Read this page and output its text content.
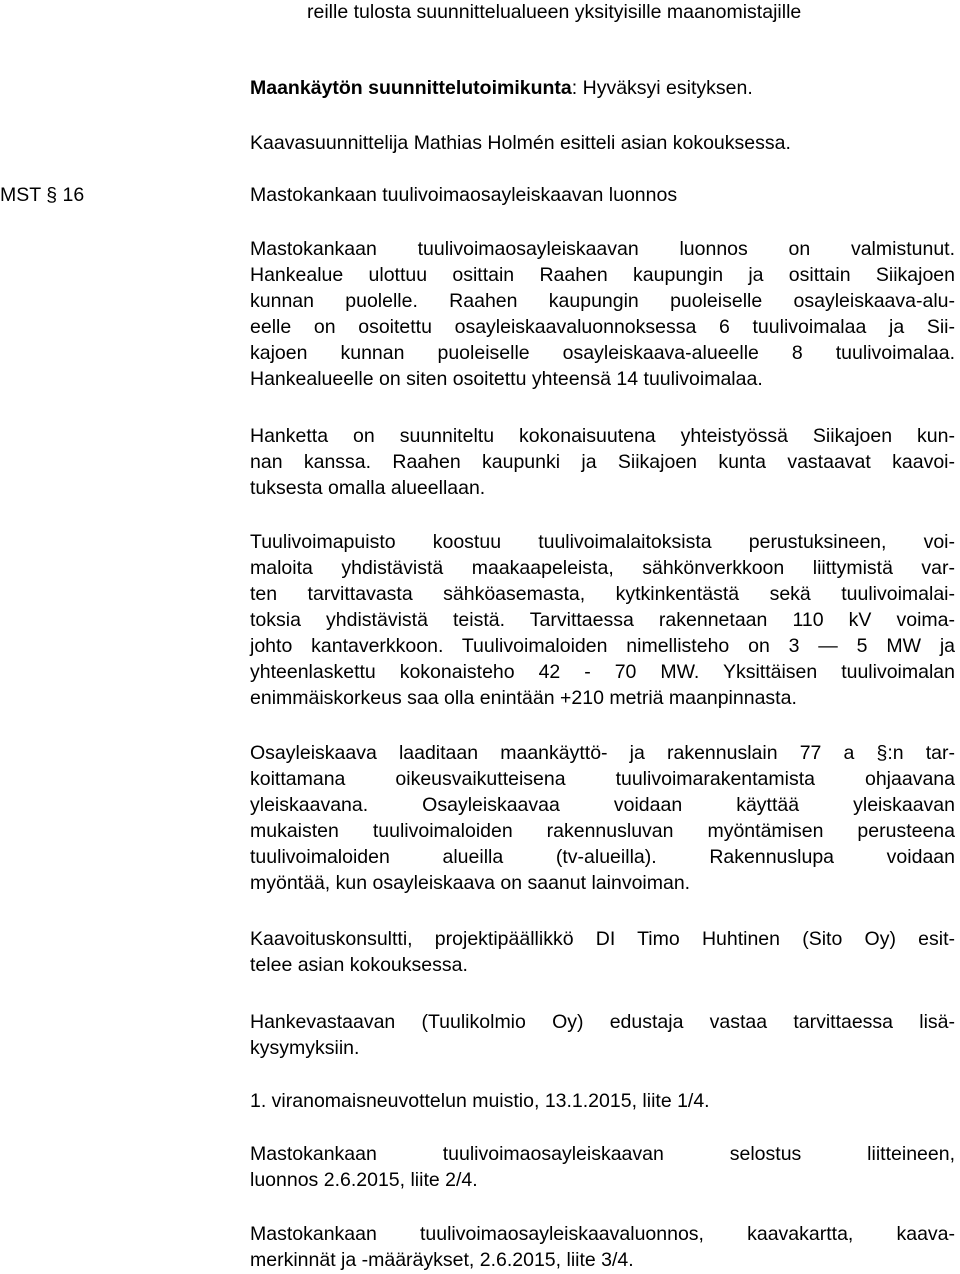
reille tulosta suunnittelualueen yksityisille maanomistajille
Maankäytön suunnittelutoimikunta: Hyväksyi esityksen.
Kaavasuunnittelija Mathias Holmén esitteli asian kokouksessa.
MST § 16	Mastokankaan tuulivoimaosayleiskaavan luonnos
Mastokankaan tuulivoimaosayleiskaavan luonnos on valmistunut.
Hankealue ulottuu osittain Raahen kaupungin ja osittain Siikajoen
kunnan puolelle. Raahen kaupungin puoleiselle osayleiskaava-alu-
eelle on osoitettu osayleiskaavaluonnoksessa 6 tuulivoimalaa ja Sii-
kajoen kunnan puoleiselle osayleiskaava-alueelle 8 tuulivoimalaa.
Hankealueelle on siten osoitettu yhteensä 14 tuulivoimalaa.
Hanketta on suunniteltu kokonaisuutena yhteistyössä Siikajoen kun-
nan kanssa. Raahen kaupunki ja Siikajoen kunta vastaavat kaavoi-
tuksesta omalla alueellaan.
Tuulivoimapuisto koostuu tuulivoimalaitoksista perustuksineen, voi-
maloita yhdistävistä maakaapeleista, sähkönverkkoon liittymistä var-
ten tarvittavasta sähköasemasta, kytkinkentästä sekä tuulivoimalai-
toksia yhdistävistä teistä. Tarvittaessa rakennetaan 110 kV voima-
johto kantaverkkoon. Tuulivoimaloiden nimellisteho on 3 — 5 MW ja
yhteenlaskettu kokonaisteho 42 - 70 MW. Yksittäisen tuulivoimalan
enimmäiskorkeus saa olla enintään +210 metriä maanpinnasta.
Osayleiskaava laaditaan maankäyttö- ja rakennuslain 77 a §:n tar-
koittamana oikeusvaikutteisena tuulivoimarakentamista ohjaavana
yleiskaavana. Osayleiskaavaa voidaan käyttää yleiskaavan
mukaisten tuulivoimaloiden rakennusluvan myöntämisen perusteena
tuulivoimaloiden alueilla (tv-alueilla). Rakennuslupa voidaan
myöntää, kun osayleiskaava on saanut lainvoiman.
Kaavoituskonsultti, projektipäällikkö DI Timo Huhtinen (Sito Oy) esit-
telee asian kokouksessa.
Hankevastaavan (Tuulikolmio Oy) edustaja vastaa tarvittaessa lisä-
kysymyksiin.
1. viranomaisneuvottelun muistio, 13.1.2015, liite 1/4.
Mastokankaan tuulivoimaosayleiskaavan selostus liitteineen,
luonnos 2.6.2015, liite 2/4.
Mastokankaan tuulivoimaosayleiskaavaluonnos, kaavakartta, kaava-
merkinnät ja -määräykset, 2.6.2015, liite 3/4.
